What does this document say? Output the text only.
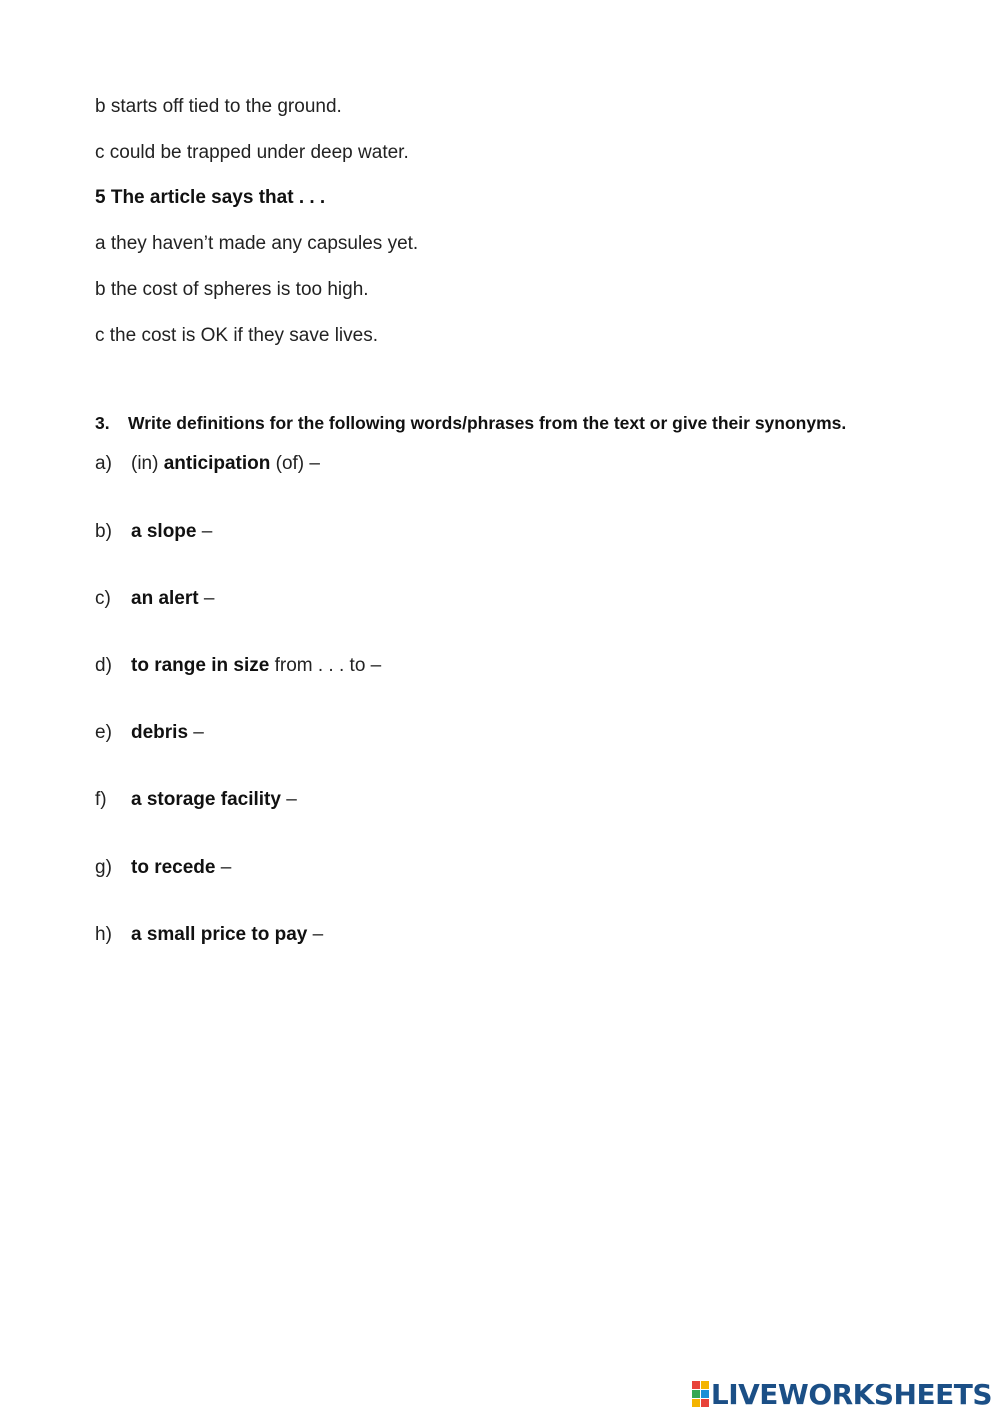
b starts off tied to the ground.
c could be trapped under deep water.
5 The article says that . . .
a they haven’t made any capsules yet.
b the cost of spheres is too high.
c the cost is OK if they save lives.
3. Write definitions for the following words/phrases from the text or give their synonyms.
a) (in) anticipation (of) –
b) a slope –
c) an alert –
d) to range in size from . . . to –
e) debris –
f) a storage facility –
g) to recede –
h) a small price to pay –
LIVEWORKSHEETS
